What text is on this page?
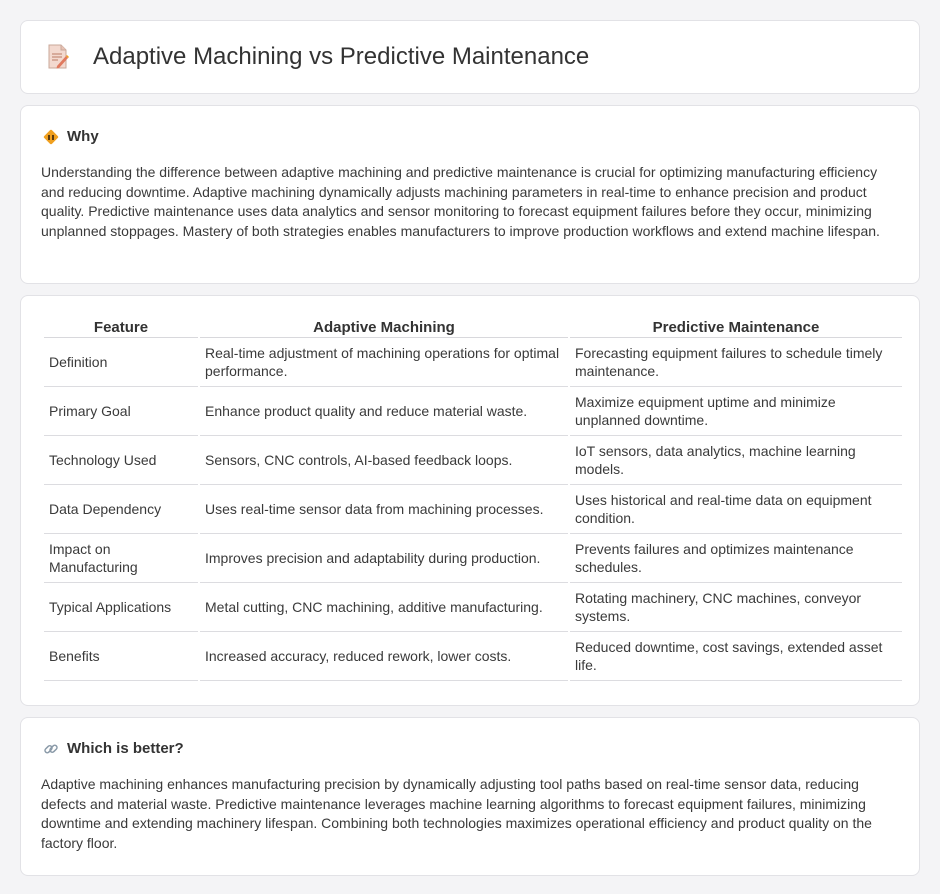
Adaptive Machining vs Predictive Maintenance
Why

Understanding the difference between adaptive machining and predictive maintenance is crucial for optimizing manufacturing efficiency and reducing downtime. Adaptive machining dynamically adjusts machining parameters in real-time to enhance precision and product quality. Predictive maintenance uses data analytics and sensor monitoring to forecast equipment failures before they occur, minimizing unplanned stoppages. Mastery of both strategies enables manufacturers to improve production workflows and extend machine lifespan.

Feature	Adaptive Machining	Predictive Maintenance
Definition	Real-time adjustment of machining operations for optimal performance.	Forecasting equipment failures to schedule timely maintenance.
Primary Goal	Enhance product quality and reduce material waste.	Maximize equipment uptime and minimize unplanned downtime.
Technology Used	Sensors, CNC controls, AI-based feedback loops.	IoT sensors, data analytics, machine learning models.
Data Dependency	Uses real-time sensor data from machining processes.	Uses historical and real-time data on equipment condition.
Impact on Manufacturing	Improves precision and adaptability during production.	Prevents failures and optimizes maintenance schedules.
Typical Applications	Metal cutting, CNC machining, additive manufacturing.	Rotating machinery, CNC machines, conveyor systems.
Benefits	Increased accuracy, reduced rework, lower costs.	Reduced downtime, cost savings, extended asset life.
Which is better?

Adaptive machining enhances manufacturing precision by dynamically adjusting tool paths based on real-time sensor data, reducing defects and material waste. Predictive maintenance leverages machine learning algorithms to forecast equipment failures, minimizing downtime and extending machinery lifespan. Combining both technologies maximizes operational efficiency and product quality on the factory floor.
